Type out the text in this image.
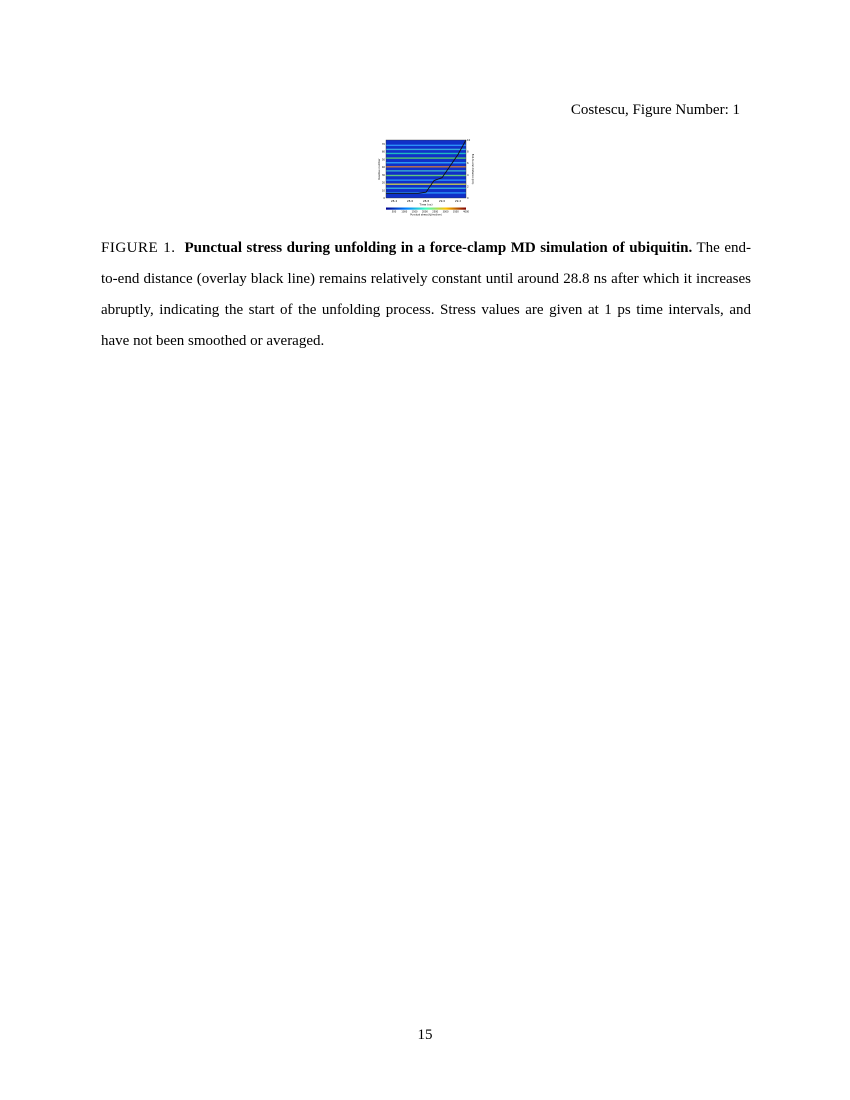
Costescu, Figure Number: 1
28.4	28.6	28.8	29.0	29.2
0
10
20
30
40
50
60
70
0
2
4
6
8
10
Time (ns)
Residue number	End-to-end distance (nm)
500 1000 1500 2000 2500 3000 3500 4000
Punctual stress (kJ/mol/nm)
FIGURE 1. Punctual stress during unfolding in a force-clamp MD simulation of ubiquitin. The end-to-end distance (overlay black line) remains relatively constant until around 28.8 ns after which it increases abruptly, indicating the start of the unfolding process. Stress values are given at 1 ps time intervals, and have not been smoothed or averaged.
15
